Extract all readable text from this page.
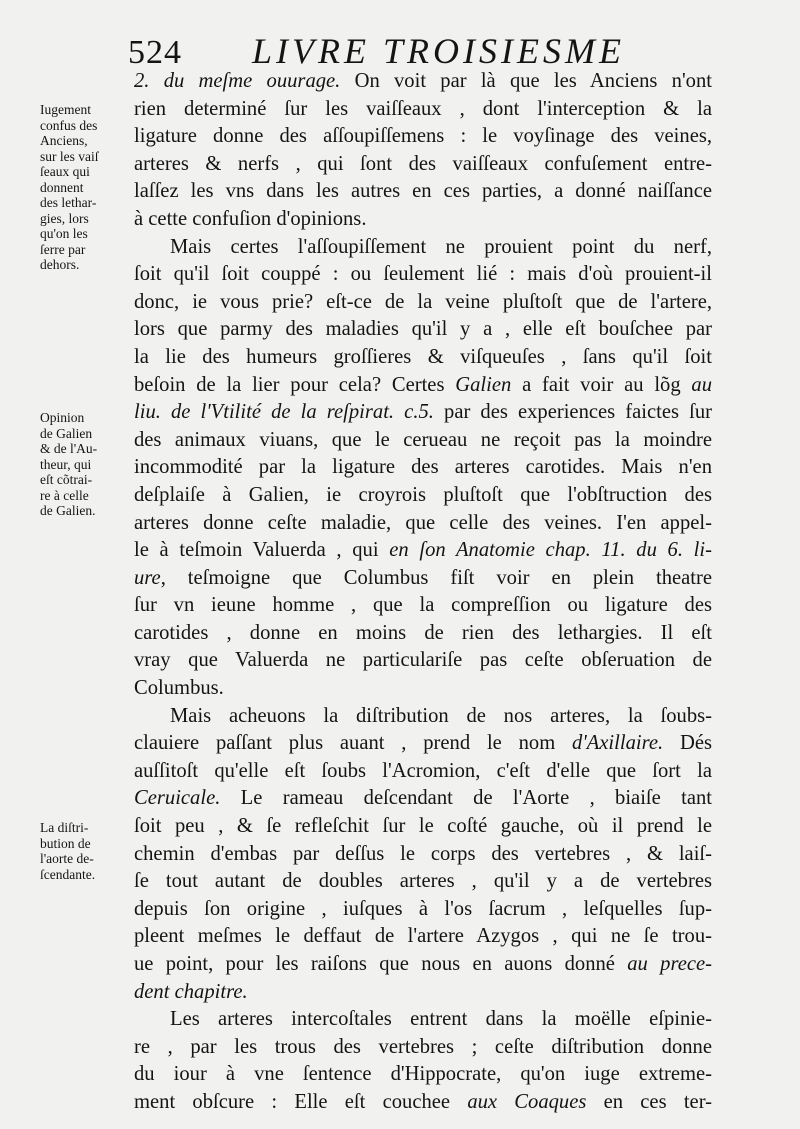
524 LIVRE TROISIESME
Iugement
confus des
Anciens,
sur les vaiſ
ſeaux qui
donnent
des lethar-
gies, lors
qu'on les
ſerre par
dehors.
Opinion
de Galien
& de l'Au-
theur, qui
eſt cõtrai-
re à celle
de Galien.
La diſtri-
bution de
l'aorte de-
ſcendante.
2. du meſme ouurage. On voit par là que les Anciens n'ont
rien determiné ſur les vaiſſeaux , dont l'interception & la
ligature donne des aſſoupiſſemens : le voyſinage des veines,
arteres & nerfs , qui ſont des vaiſſeaux confuſement entre-
laſſez les vns dans les autres en ces parties, a donné naiſſance
à cette confuſion d'opinions.
Mais certes l'aſſoupiſſement ne prouient point du nerf,
ſoit qu'il ſoit couppé : ou ſeulement lié : mais d'où prouient-il
donc, ie vous prie? eſt-ce de la veine pluſtoſt que de l'artere,
lors que parmy des maladies qu'il y a , elle eſt bouſchee par
la lie des humeurs groſſieres & viſqueuſes , ſans qu'il ſoit
beſoin de la lier pour cela? Certes Galien a fait voir au lõg au
liu. de l'Vtilité de la reſpirat. c.5. par des experiences faictes ſur
des animaux viuans, que le cerueau ne reçoit pas la moindre
incommodité par la ligature des arteres carotides. Mais n'en
deſplaiſe à Galien, ie croyrois pluſtoſt que l'obſtruction des
arteres donne ceſte maladie, que celle des veines. I'en appel-
le à teſmoin Valuerda , qui en ſon Anatomie chap. 11. du 6. li-
ure, teſmoigne que Columbus fiſt voir en plein theatre
ſur vn ieune homme , que la compreſſion ou ligature des
carotides , donne en moins de rien des lethargies. Il eſt
vray que Valuerda ne particulariſe pas ceſte obſeruation de
Columbus.
Mais acheuons la diſtribution de nos arteres, la ſoubs-
clauiere paſſant plus auant , prend le nom d'Axillaire. Dés
auſſitoſt qu'elle eſt ſoubs l'Acromion, c'eſt d'elle que ſort la
Ceruicale. Le rameau deſcendant de l'Aorte , biaiſe tant
ſoit peu , & ſe refleſchit ſur le coſté gauche, où il prend le
chemin d'embas par deſſus le corps des vertebres , & laiſ-
ſe tout autant de doubles arteres , qu'il y a de vertebres
depuis ſon origine , iuſques à l'os ſacrum , leſquelles ſup-
pleent meſmes le deffaut de l'artere Azygos , qui ne ſe trou-
ue point, pour les raiſons que nous en auons donné au prece-
dent chapitre.
Les arteres intercoſtales entrent dans la moëlle eſpinie-
re , par les trous des vertebres ; ceſte diſtribution donne
du iour à vne ſentence d'Hippocrate, qu'on iuge extreme-
ment obſcure : Elle eſt couchee aux Coaques en ces ter-
